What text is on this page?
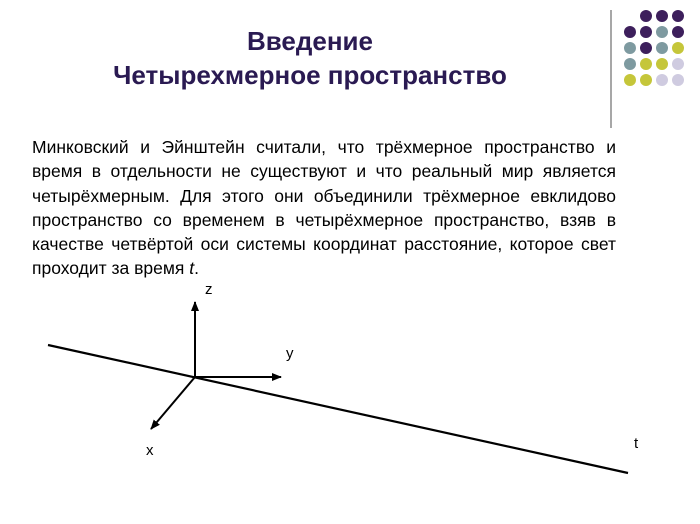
Введение
Четырехмерное пространство
Минковский и Эйнштейн считали, что трёхмерное пространство и время в отдельности не существуют и что реальный мир является четырёхмерным. Для этого они объединили трёхмерное евклидово пространство со временем в четырёхмерное пространство, взяв в качестве четвёртой оси системы координат расстояние, которое свет проходит за время t.
z
y
x	t
